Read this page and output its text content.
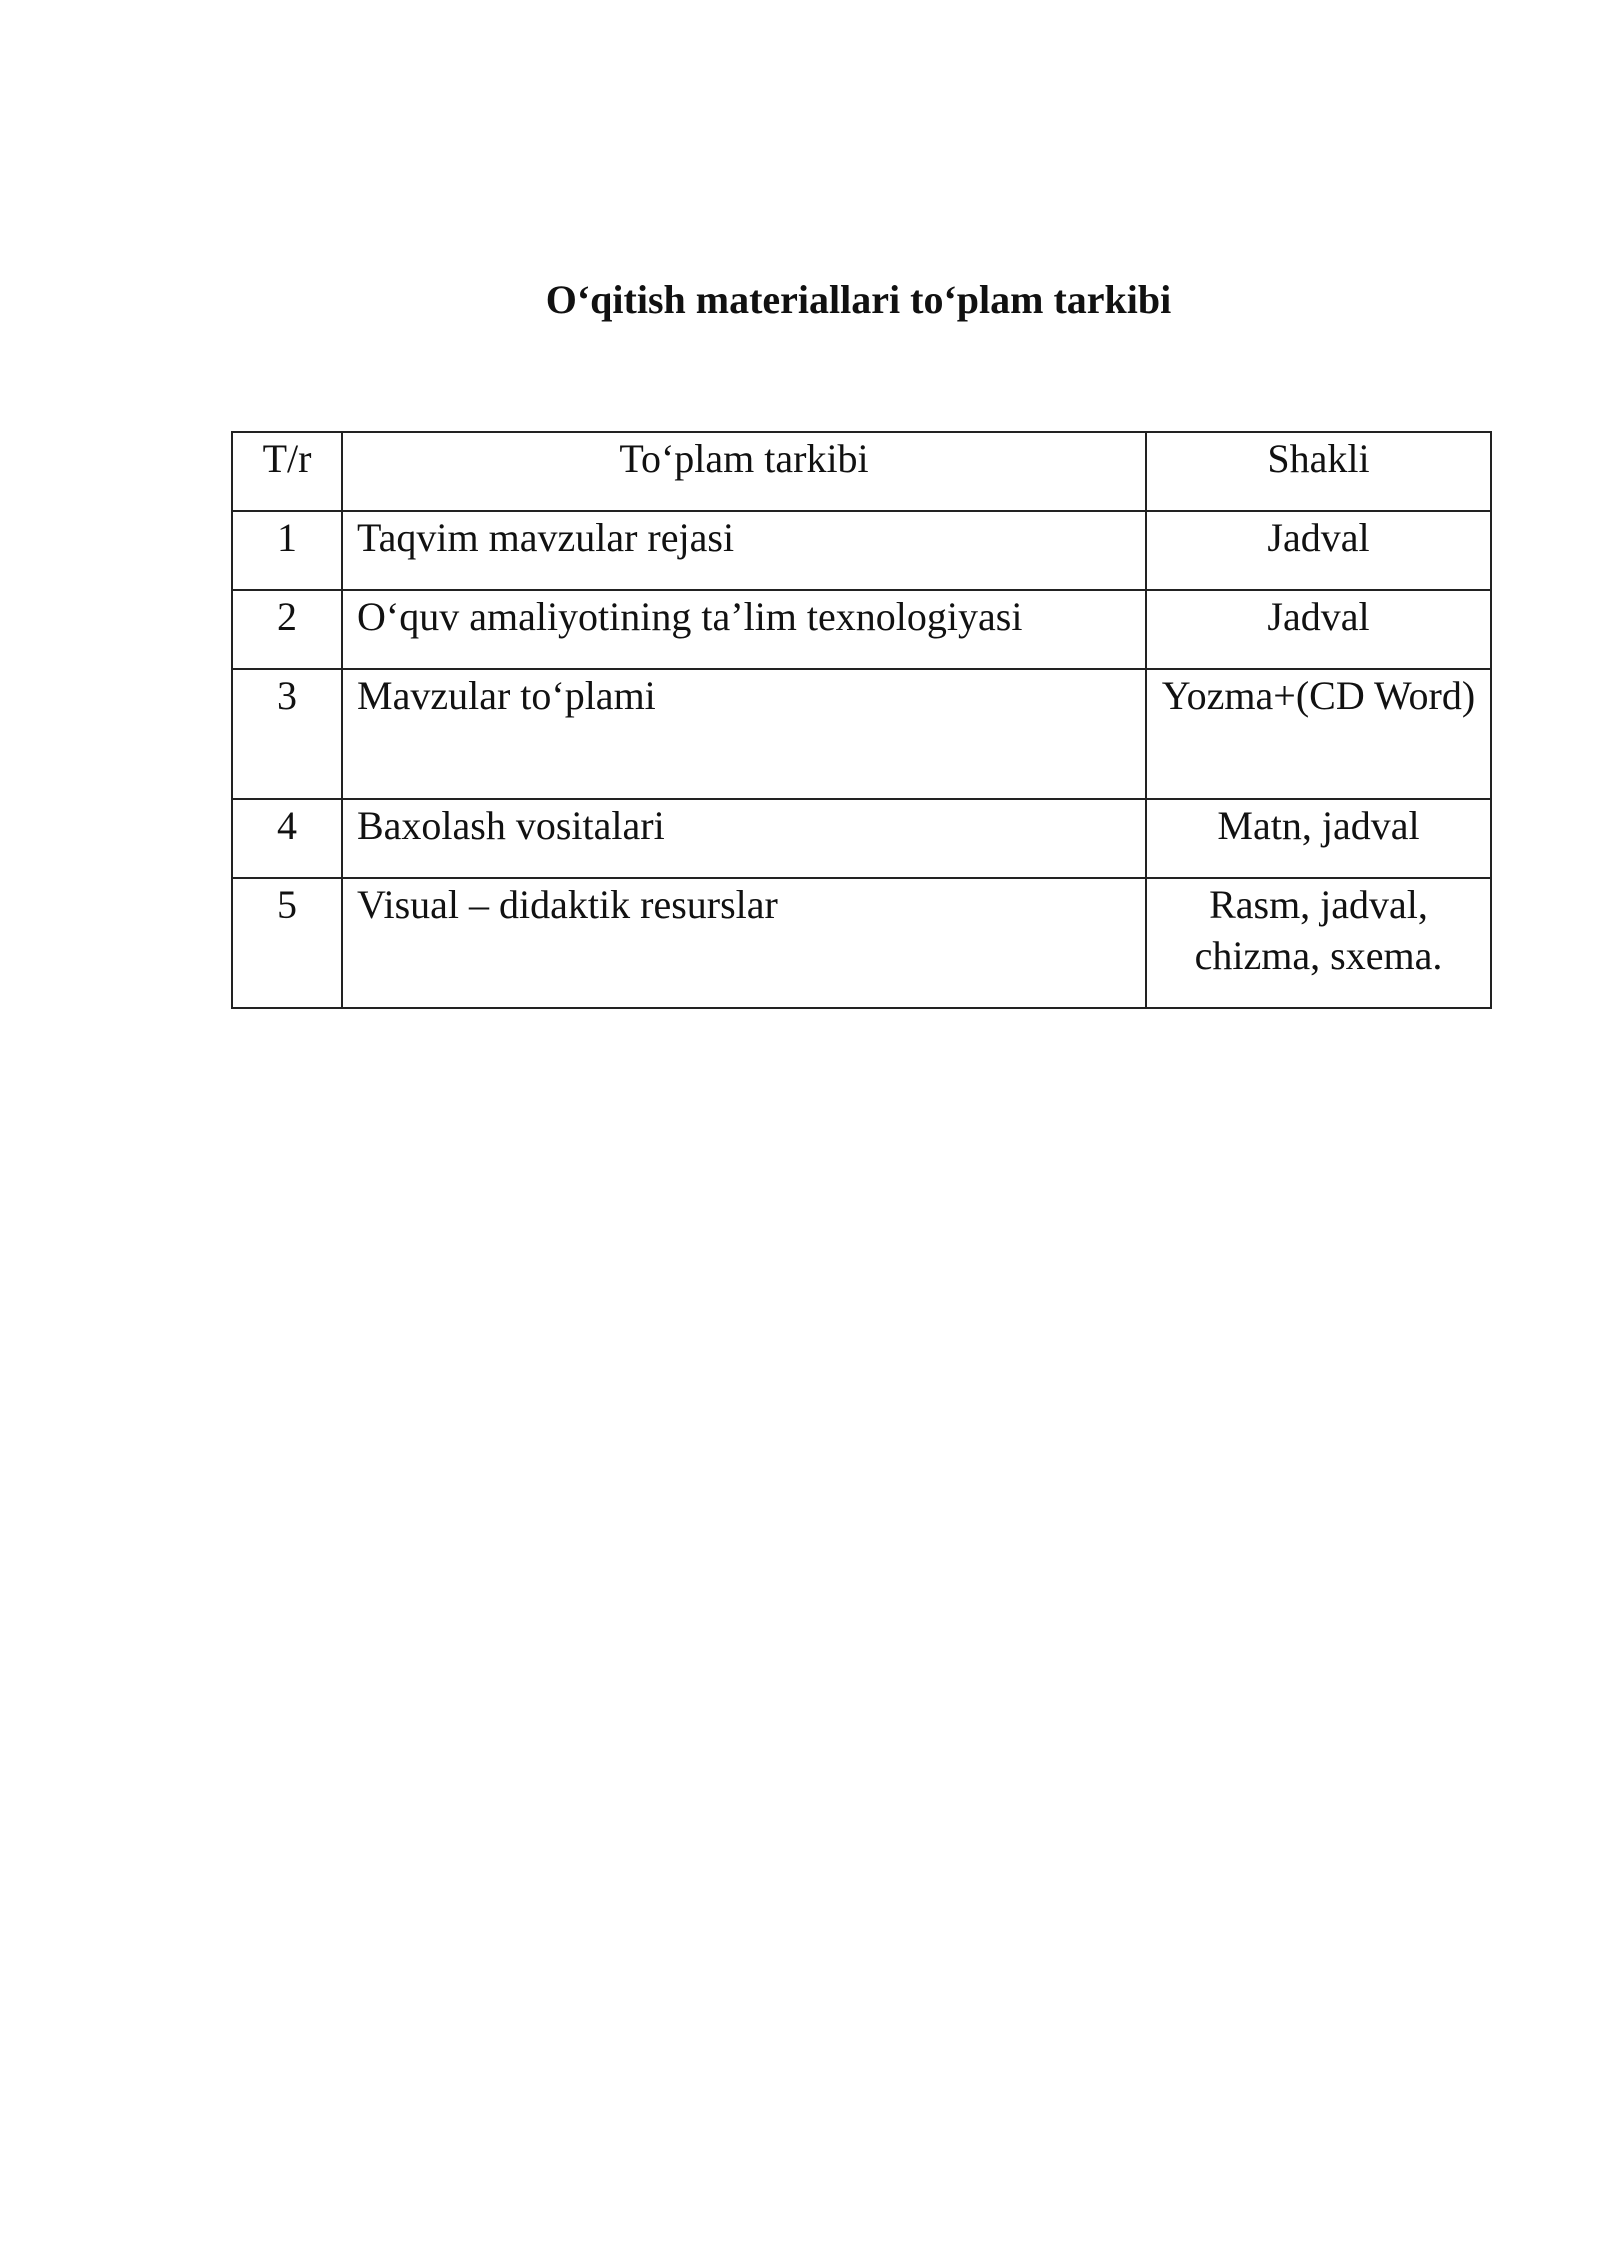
O‘qitish materiallari to‘plam tarkibi
T/r	To‘plam tarkibi	Shakli
1	Taqvim mavzular rejasi	Jadval
2	O‘quv amaliyotining ta’lim texnologiyasi	Jadval
3	Mavzular to‘plami	Yozma+(CD Word)
4	Baxolash vositalari	Matn, jadval
5	Visual – didaktik resurslar	Rasm, jadval, chizma, sxema.
